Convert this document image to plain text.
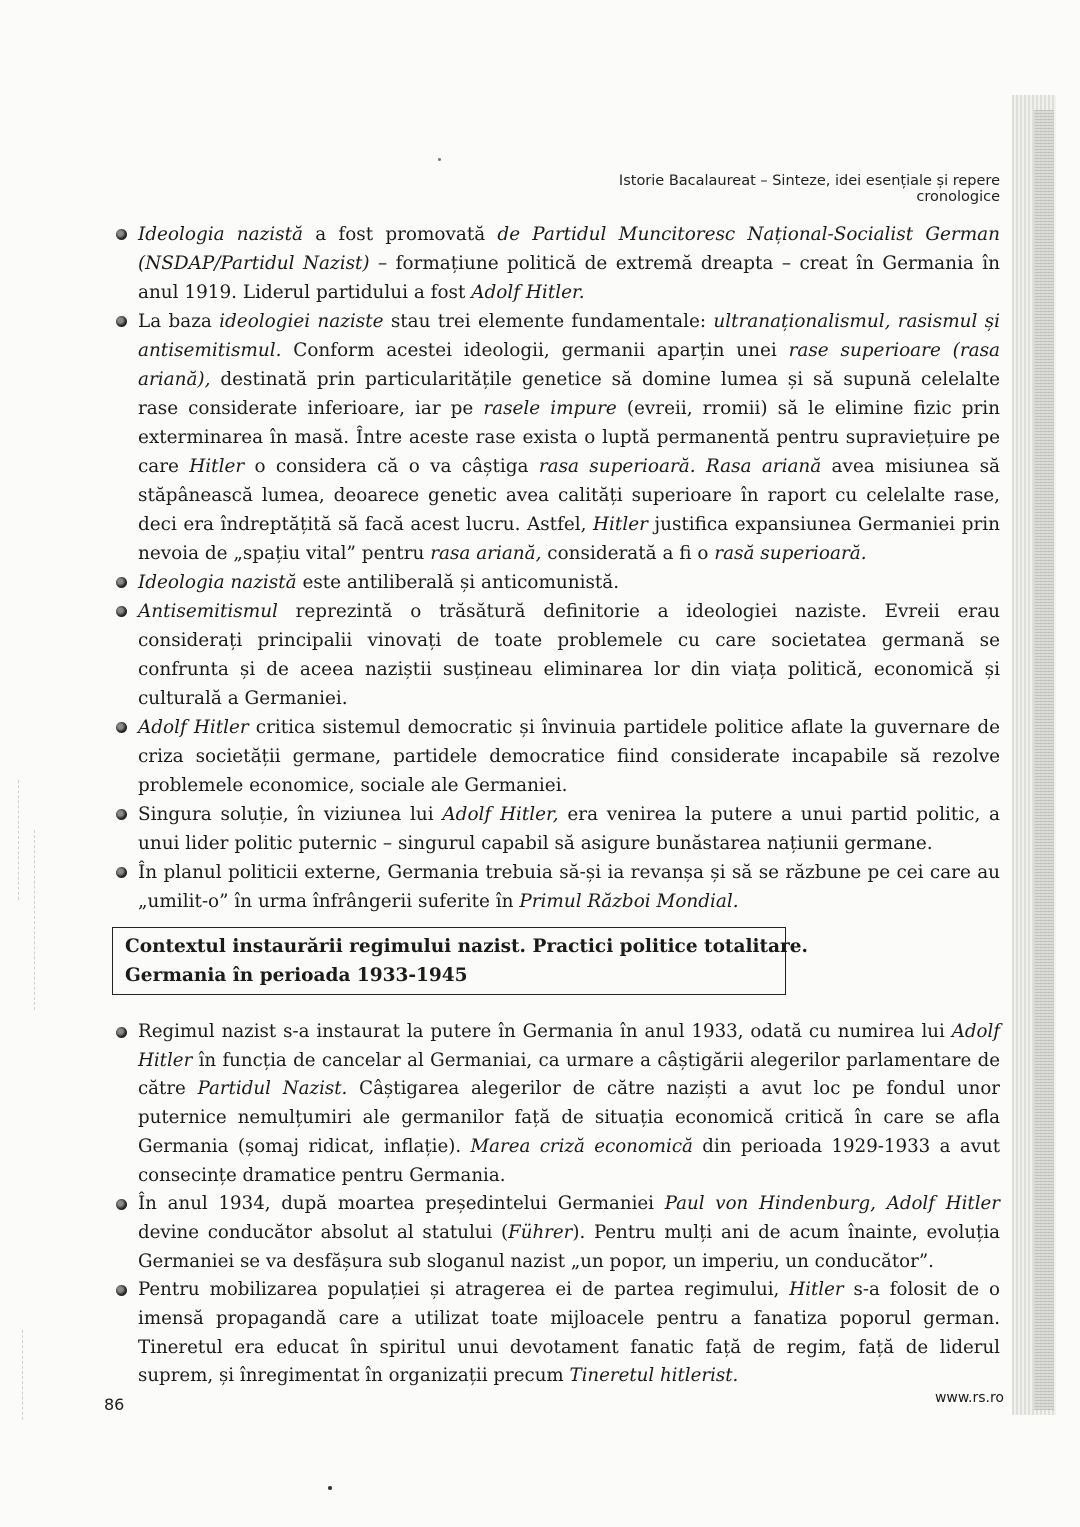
Istorie Bacalaureat – Sinteze, idei esențiale și repere cronologice
Ideologia nazistă a fost promovată de Partidul Muncitoresc Național-Socialist German (NSDAP/Partidul Nazist) – formațiune politică de extremă dreapta – creat în Germania în anul 1919. Liderul partidului a fost Adolf Hitler.
La baza ideologiei naziste stau trei elemente fundamentale: ultranaționalismul, rasismul și antisemitismul. Conform acestei ideologii, germanii aparțin unei rase superioare (rasa ariană), destinată prin particularitățile genetice să domine lumea și să supună celelalte rase considerate inferioare, iar pe rasele impure (evreii, rromii) să le elimine fizic prin exterminarea în masă. Între aceste rase exista o luptă permanentă pentru supraviețuire pe care Hitler o considera că o va câștiga rasa superioară. Rasa ariană avea misiunea să stăpânească lumea, deoarece genetic avea calități superioare în raport cu celelalte rase, deci era îndreptățită să facă acest lucru. Astfel, Hitler justifica expansiunea Germaniei prin nevoia de „spațiu vital” pentru rasa ariană, considerată a fi o rasă superioară.
Ideologia nazistă este antiliberală și anticomunistă.
Antisemitismul reprezintă o trăsătură definitorie a ideologiei naziste. Evreii erau considerați principalii vinovați de toate problemele cu care societatea germană se confrunta și de aceea naziștii susțineau eliminarea lor din viața politică, economică și culturală a Germaniei.
Adolf Hitler critica sistemul democratic și învinuia partidele politice aflate la guvernare de criza societății germane, partidele democratice fiind considerate incapabile să rezolve problemele economice, sociale ale Germaniei.
Singura soluție, în viziunea lui Adolf Hitler, era venirea la putere a unui partid politic, a unui lider politic puternic – singurul capabil să asigure bunăstarea națiunii germane.
În planul politicii externe, Germania trebuia să-și ia revanșa și să se răzbune pe cei care au „umilit-o” în urma înfrângerii suferite în Primul Război Mondial.
Contextul instaurării regimului nazist. Practici politice totalitare.
Germania în perioada 1933-1945
Regimul nazist s-a instaurat la putere în Germania în anul 1933, odată cu numirea lui Adolf Hitler în funcția de cancelar al Germaniai, ca urmare a câștigării alegerilor parlamentare de către Partidul Nazist. Câștigarea alegerilor de către naziști a avut loc pe fondul unor puternice nemulțumiri ale germanilor față de situația economică critică în care se afla Germania (șomaj ridicat, inflație). Marea criză economică din perioada 1929-1933 a avut consecințe dramatice pentru Germania.
În anul 1934, după moartea președintelui Germaniei Paul von Hindenburg, Adolf Hitler devine conducător absolut al statului (Führer). Pentru mulți ani de acum înainte, evoluția Germaniei se va desfășura sub sloganul nazist „un popor, un imperiu, un conducător”.
Pentru mobilizarea populației și atragerea ei de partea regimului, Hitler s-a folosit de o imensă propagandă care a utilizat toate mijloacele pentru a fanatiza poporul german. Tineretul era educat în spiritul unui devotament fanatic față de regim, față de liderul suprem, și înregimentat în organizații precum Tineretul hitlerist.
86	www.rs.ro
